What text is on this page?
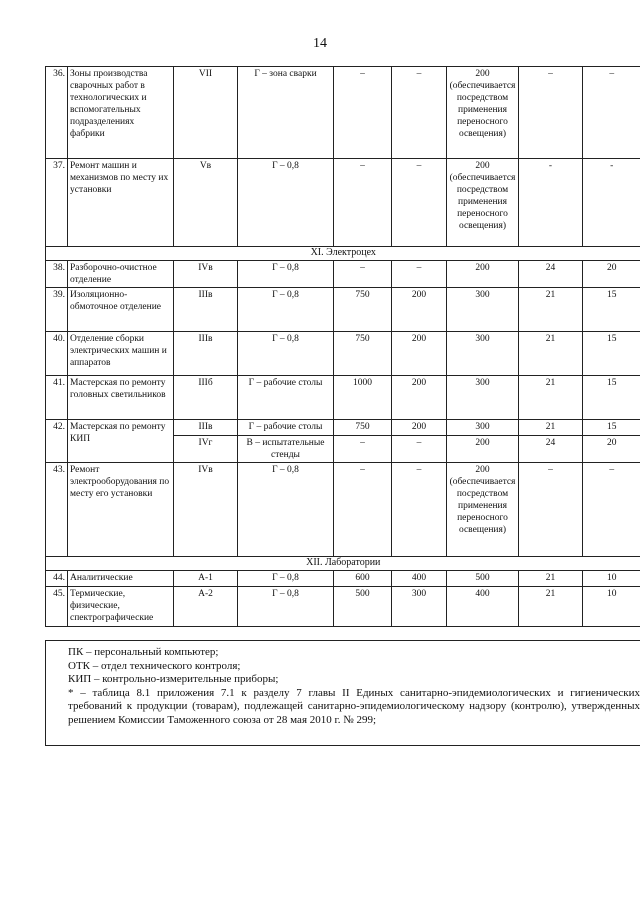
14
36.	Зоны производства сварочных работ в технологических и вспомогательных подразделениях фабрики	VII	Г – зона сварки	–	–	200 (обеспечивается посредством применения переносного освещения)	–	–
37.	Ремонт машин и механизмов по месту их установки	Vв	Г – 0,8	–	–	200 (обеспечивается посредством применения переносного освещения)	-	-
XI. Электроцех								
38.	Разборочно-очистное отделение	IVв	Г – 0,8	–	–	200	24	20
39.	Изоляционно-обмоточное отделение	IIIв	Г – 0,8	750	200	300	21	15
40.	Отделение сборки электрических машин и аппаратов	IIIв	Г – 0,8	750	200	300	21	15
41.	Мастерская по ремонту головных светильников	IIIб	Г – рабочие столы	1000	200	300	21	15
42.	Мастерская по ремонту КИП	IIIв	Г – рабочие столы	750	200	300	21	15
		IVг	В – испытательные стенды	–	–	200	24	20
43.	Ремонт электрооборудования по месту его установки	IVв	Г – 0,8	–	–	200 (обеспечивается посредством применения переносного освещения)	–	–
XII. Лаборатории								
44.	Аналитические	А-1	Г – 0,8	600	400	500	21	10
45.	Термические, физические, спектрографические	А-2	Г – 0,8	500	300	400	21	10

ПК – персональный компьютер;

ОТК – отдел технического контроля;

КИП – контрольно-измерительные приборы;

* – таблица 8.1 приложения 7.1 к разделу 7 главы II Единых санитарно-эпидемиологических и гигиенических требований к продукции (товарам), подлежащей санитарно-эпидемиологическому надзору (контролю), утвержденных решением Комиссии Таможенного союза от 28 мая 2010 г. № 299;
